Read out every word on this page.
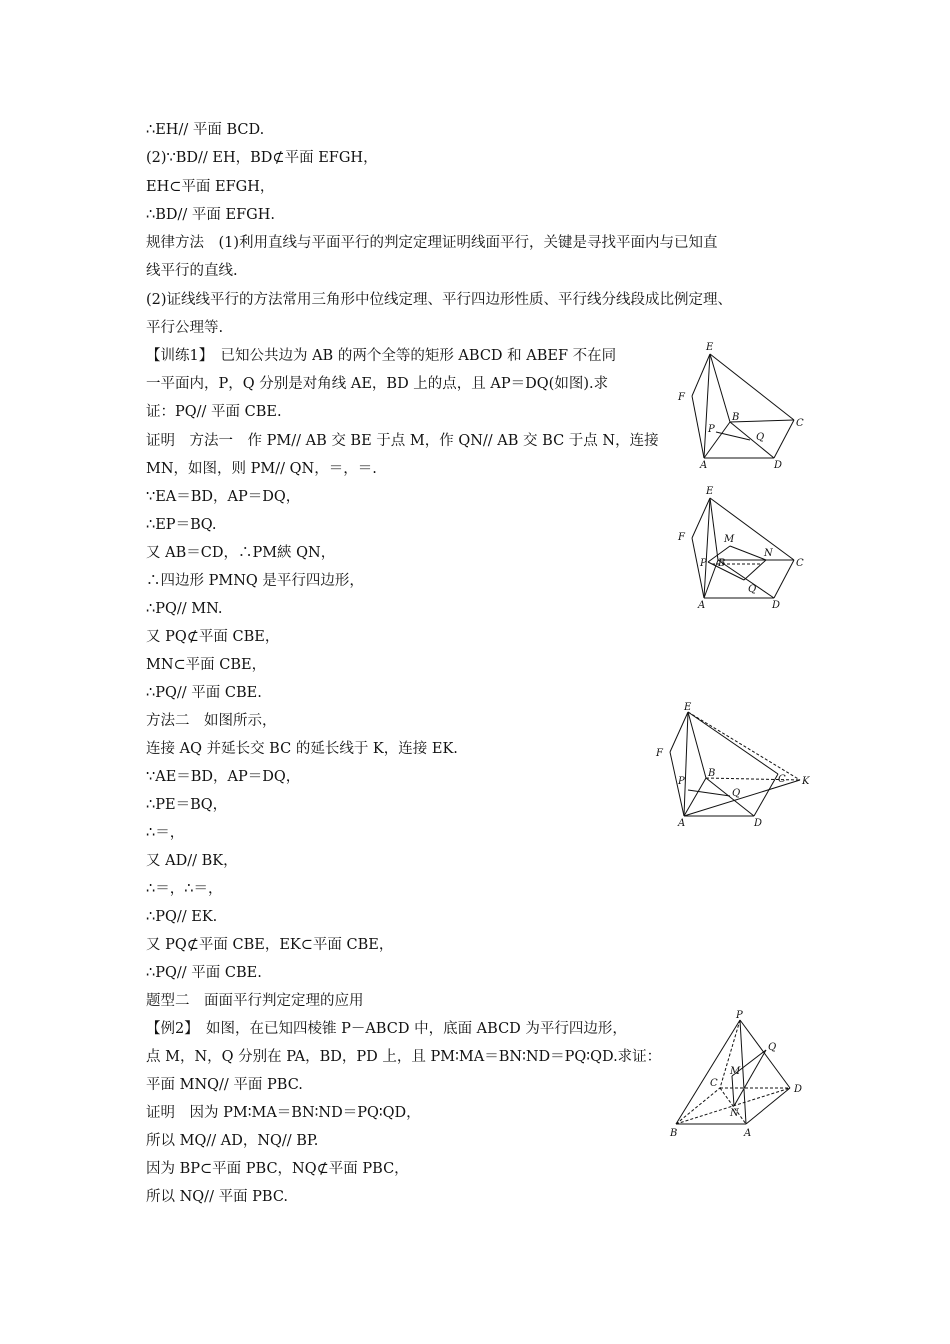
∴EH// 平面 BCD.
(2)∵BD// EH，BD⊄平面 EFGH，
EH⊂平面 EFGH，
∴BD// 平面 EFGH.
规律方法　(1)利用直线与平面平行的判定定理证明线面平行，关键是寻找平面内与已知直
线平行的直线.
(2)证线线平行的方法常用三角形中位线定理、平行四边形性质、平行线分线段成比例定理、
平行公理等.
【训练1】　已知公共边为 AB 的两个全等的矩形 ABCD 和 ABEF 不在同
一平面内，P，Q 分别是对角线 AE，BD 上的点，且 AP＝DQ(如图).求
证：PQ// 平面 CBE.
证明　方法一　作 PM// AB 交 BE 于点 M，作 QN// AB 交 BC 于点 N，连接
MN，如图，则 PM// QN，＝，＝.
∵EA＝BD，AP＝DQ，
∴EP＝BQ.
又 AB＝CD，∴PM綊 QN，
∴四边形 PMNQ 是平行四边形，
∴PQ// MN.
又 PQ⊄平面 CBE，
MN⊂平面 CBE，
∴PQ// 平面 CBE.
方法二　如图所示，
连接 AQ 并延长交 BC 的延长线于 K，连接 EK.
∵AE＝BD，AP＝DQ，
∴PE＝BQ，
∴＝，
又 AD// BK，
∴＝，∴＝，
∴PQ// EK.
又 PQ⊄平面 CBE，EK⊂平面 CBE，
∴PQ// 平面 CBE.
题型二　面面平行判定定理的应用
【例2】　如图，在已知四棱锥 P－ABCD 中，底面 ABCD 为平行四边形，
点 M，N，Q 分别在 PA，BD，PD 上，且 PM∶MA＝BN∶ND＝PQ∶QD.求证：
平面 MNQ// 平面 PBC.
证明　因为 PM∶MA＝BN∶ND＝PQ∶QD，
所以 MQ// AD，NQ// BP.
因为 BP⊂平面 PBC，NQ⊄平面 PBC，
所以 NQ// 平面 PBC.
E
F
B
C
P
Q
A	D
E
F	M
N
B	C
P
Q
A	D
E
F
B
C K
P
Q
A	D
P
Q
M
C
D
N
B	A
